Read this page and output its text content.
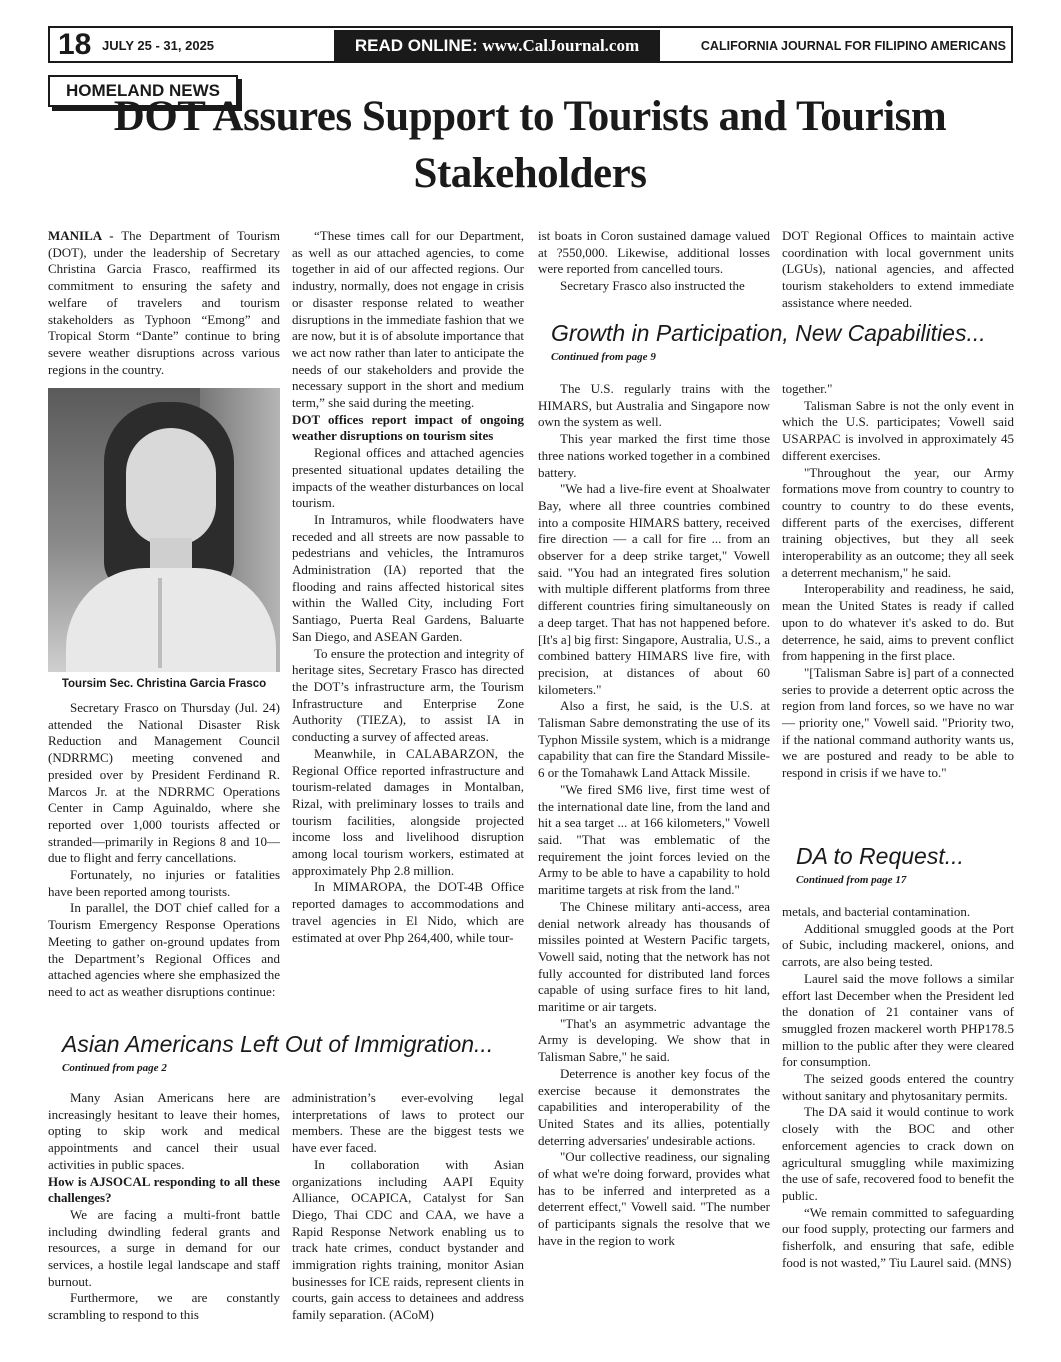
18 JULY 25 - 31, 2025	READ ONLINE: www.CalJournal.com	CALIFORNIA JOURNAL FOR FILIPINO AMERICANS
HOMELAND NEWS
DOT Assures Support to Tourists and Tourism Stakeholders

MANILA - The Department of Tourism (DOT), under the leadership of Secretary Christina Garcia Frasco, reaffirmed its commitment to ensuring the safety and welfare of travelers and tourism stakeholders as Typhoon “Emong” and Tropical Storm “Dante” continue to bring severe weather disruptions across various regions in the country.

Toursim Sec. Christina Garcia Frasco

Secretary Frasco on Thursday (Jul. 24) attended the National Disaster Risk Reduction and Management Council (NDRRMC) meeting convened and presided over by President Ferdinand R. Marcos Jr. at the NDRRMC Operations Center in Camp Aguinaldo, where she reported over 1,000 tourists affected or stranded—primarily in Regions 8 and 10—due to flight and ferry cancellations.

Fortunately, no injuries or fatalities have been reported among tourists.

In parallel, the DOT chief called for a Tourism Emergency Response Operations Meeting to gather on-ground updates from the Department’s Regional Offices and attached agencies where she emphasized the need to act as weather disruptions continue:

“These times call for our Department, as well as our attached agencies, to come together in aid of our affected regions. Our industry, normally, does not engage in crisis or disaster response related to weather disruptions in the immediate fashion that we are now, but it is of absolute importance that we act now rather than later to anticipate the needs of our stakeholders and provide the necessary support in the short and medium term,” she said during the meeting.

DOT offices report impact of ongoing weather disruptions on tourism sites

Regional offices and attached agencies presented situational updates detailing the impacts of the weather disturbances on local tourism.

In Intramuros, while floodwaters have receded and all streets are now passable to pedestrians and vehicles, the Intramuros Administration (IA) reported that the flooding and rains affected historical sites within the Walled City, including Fort Santiago, Puerta Real Gardens, Baluarte San Diego, and ASEAN Garden.

To ensure the protection and integrity of heritage sites, Secretary Frasco has directed the DOT’s infrastructure arm, the Tourism Infrastructure and Enterprise Zone Authority (TIEZA), to assist IA in conducting a survey of affected areas.

Meanwhile, in CALABARZON, the Regional Office reported infrastructure and tourism-related damages in Montalban, Rizal, with preliminary losses to trails and tourism facilities, alongside projected income loss and livelihood disruption among local tourism workers, estimated at approximately Php 2.8 million.

In MIMAROPA, the DOT-4B Office reported damages to accommodations and travel agencies in El Nido, which are estimated at over Php 264,400, while tour-

ist boats in Coron sustained damage valued at ?550,000. Likewise, additional losses were reported from cancelled tours.

Secretary Frasco also instructed the

DOT Regional Offices to maintain active coordination with local government units (LGUs), national agencies, and affected tourism stakeholders to extend immediate assistance where needed.

Growth in Participation, New Capabilities...
Continued from page 9

The U.S. regularly trains with the HIMARS, but Australia and Singapore now own the system as well.

This year marked the first time those three nations worked together in a combined battery.

"We had a live-fire event at Shoalwater Bay, where all three countries combined into a composite HIMARS battery, received fire direction — a call for fire ... from an observer for a deep strike target," Vowell said. "You had an integrated fires solution with multiple different platforms from three different countries firing simultaneously on a deep target. That has not happened before. [It's a] big first: Singapore, Australia, U.S., a combined battery HIMARS live fire, with precision, at distances of about 60 kilometers."

Also a first, he said, is the U.S. at Talisman Sabre demonstrating the use of its Typhon Missile system, which is a midrange capability that can fire the Standard Missile-6 or the Tomahawk Land Attack Missile.

"We fired SM6 live, first time west of the international date line, from the land and hit a sea target ... at 166 kilometers," Vowell said. "That was emblematic of the requirement the joint forces levied on the Army to be able to have a capability to hold maritime targets at risk from the land."

The Chinese military anti-access, area denial network already has thousands of missiles pointed at Western Pacific targets, Vowell said, noting that the network has not fully accounted for distributed land forces capable of using surface fires to hit land, maritime or air targets.

"That's an asymmetric advantage the Army is developing. We show that in Talisman Sabre," he said.

Deterrence is another key focus of the exercise because it demonstrates the capabilities and interoperability of the United States and its allies, potentially deterring adversaries' undesirable actions.

"Our collective readiness, our signaling of what we're doing forward, provides what has to be inferred and interpreted as a deterrent effect," Vowell said. "The number of participants signals the resolve that we have in the region to work

together."

Talisman Sabre is not the only event in which the U.S. participates; Vowell said USARPAC is involved in approximately 45 different exercises.

"Throughout the year, our Army formations move from country to country to country to country to do these events, different parts of the exercises, different training objectives, but they all seek interoperability as an outcome; they all seek a deterrent mechanism," he said.

Interoperability and readiness, he said, mean the United States is ready if called upon to do whatever it's asked to do. But deterrence, he said, aims to prevent conflict from happening in the first place.

"[Talisman Sabre is] part of a connected series to provide a deterrent optic across the region from land forces, so we have no war — priority one," Vowell said. "Priority two, if the national command authority wants us, we are postured and ready to be able to respond in crisis if we have to."

DA to Request...
Continued from page 17

metals, and bacterial contamination.

Additional smuggled goods at the Port of Subic, including mackerel, onions, and carrots, are also being tested.

Laurel said the move follows a similar effort last December when the President led the donation of 21 container vans of smuggled frozen mackerel worth PHP178.5 million to the public after they were cleared for consumption.

The seized goods entered the country without sanitary and phytosanitary permits.

The DA said it would continue to work closely with the BOC and other enforcement agencies to crack down on agricultural smuggling while maximizing the use of safe, recovered food to benefit the public.

“We remain committed to safeguarding our food supply, protecting our farmers and fisherfolk, and ensuring that safe, edible food is not wasted,” Tiu Laurel said. (MNS)

Asian Americans Left Out of Immigration...
Continued from page 2

Many Asian Americans here are increasingly hesitant to leave their homes, opting to skip work and medical appointments and cancel their usual activities in public spaces.

How is AJSOCAL responding to all these challenges?

We are facing a multi-front battle including dwindling federal grants and resources, a surge in demand for our services, a hostile legal landscape and staff burnout.

Furthermore, we are constantly scrambling to respond to this

administration’s ever-evolving legal interpretations of laws to protect our members. These are the biggest tests we have ever faced.

In collaboration with Asian organizations including AAPI Equity Alliance, OCAPICA, Catalyst for San Diego, Thai CDC and CAA, we have a Rapid Response Network enabling us to track hate crimes, conduct bystander and immigration rights training, monitor Asian businesses for ICE raids, represent clients in courts, gain access to detainees and address family separation. (ACoM)
